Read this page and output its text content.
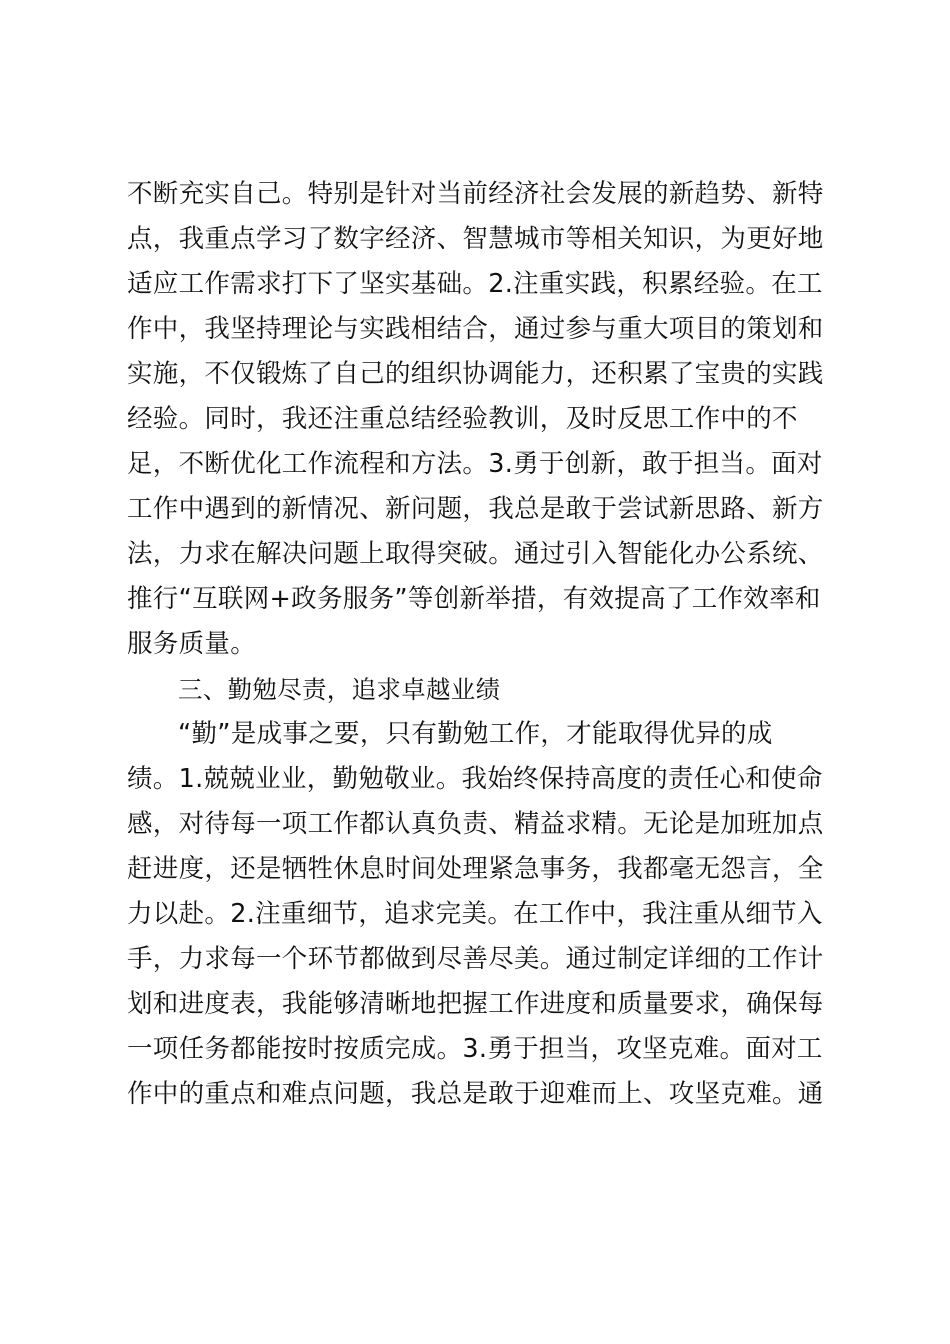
不断充实自己。特别是针对当前经济社会发展的新趋势、新特
点，我重点学习了数字经济、智慧城市等相关知识，为更好地
适应工作需求打下了坚实基础。2.注重实践，积累经验。在工
作中，我坚持理论与实践相结合，通过参与重大项目的策划和
实施，不仅锻炼了自己的组织协调能力，还积累了宝贵的实践
经验。同时，我还注重总结经验教训，及时反思工作中的不
足，不断优化工作流程和方法。3.勇于创新，敢于担当。面对
工作中遇到的新情况、新问题，我总是敢于尝试新思路、新方
法，力求在解决问题上取得突破。通过引入智能化办公系统、
推行“互联网+政务服务”等创新举措，有效提高了工作效率和
服务质量。
三、勤勉尽责，追求卓越业绩
“勤”是成事之要，只有勤勉工作，才能取得优异的成
绩。1.兢兢业业，勤勉敬业。我始终保持高度的责任心和使命
感，对待每一项工作都认真负责、精益求精。无论是加班加点
赶进度，还是牺牲休息时间处理紧急事务，我都毫无怨言，全
力以赴。2.注重细节，追求完美。在工作中，我注重从细节入
手，力求每一个环节都做到尽善尽美。通过制定详细的工作计
划和进度表，我能够清晰地把握工作进度和质量要求，确保每
一项任务都能按时按质完成。3.勇于担当，攻坚克难。面对工
作中的重点和难点问题，我总是敢于迎难而上、攻坚克难。通
